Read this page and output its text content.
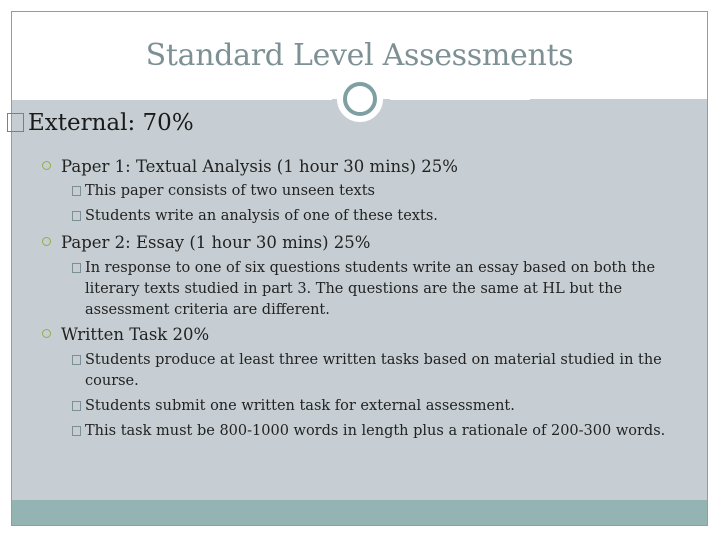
Standard Level Assessments
External: 70%
Paper 1: Textual Analysis (1 hour 30 mins) 25%
This paper consists of two unseen texts
Students write an analysis of one of these texts.
Paper 2: Essay (1 hour 30 mins) 25%
In response to one of six questions students write an essay based on both the literary texts studied in part 3. The questions are the same at HL but the assessment criteria are different.
Written Task 20%
Students produce at least three written tasks based on material studied in the course.
Students submit one written task for external assessment.
This task must be 800-1000 words in length plus a rationale of 200-300 words.
